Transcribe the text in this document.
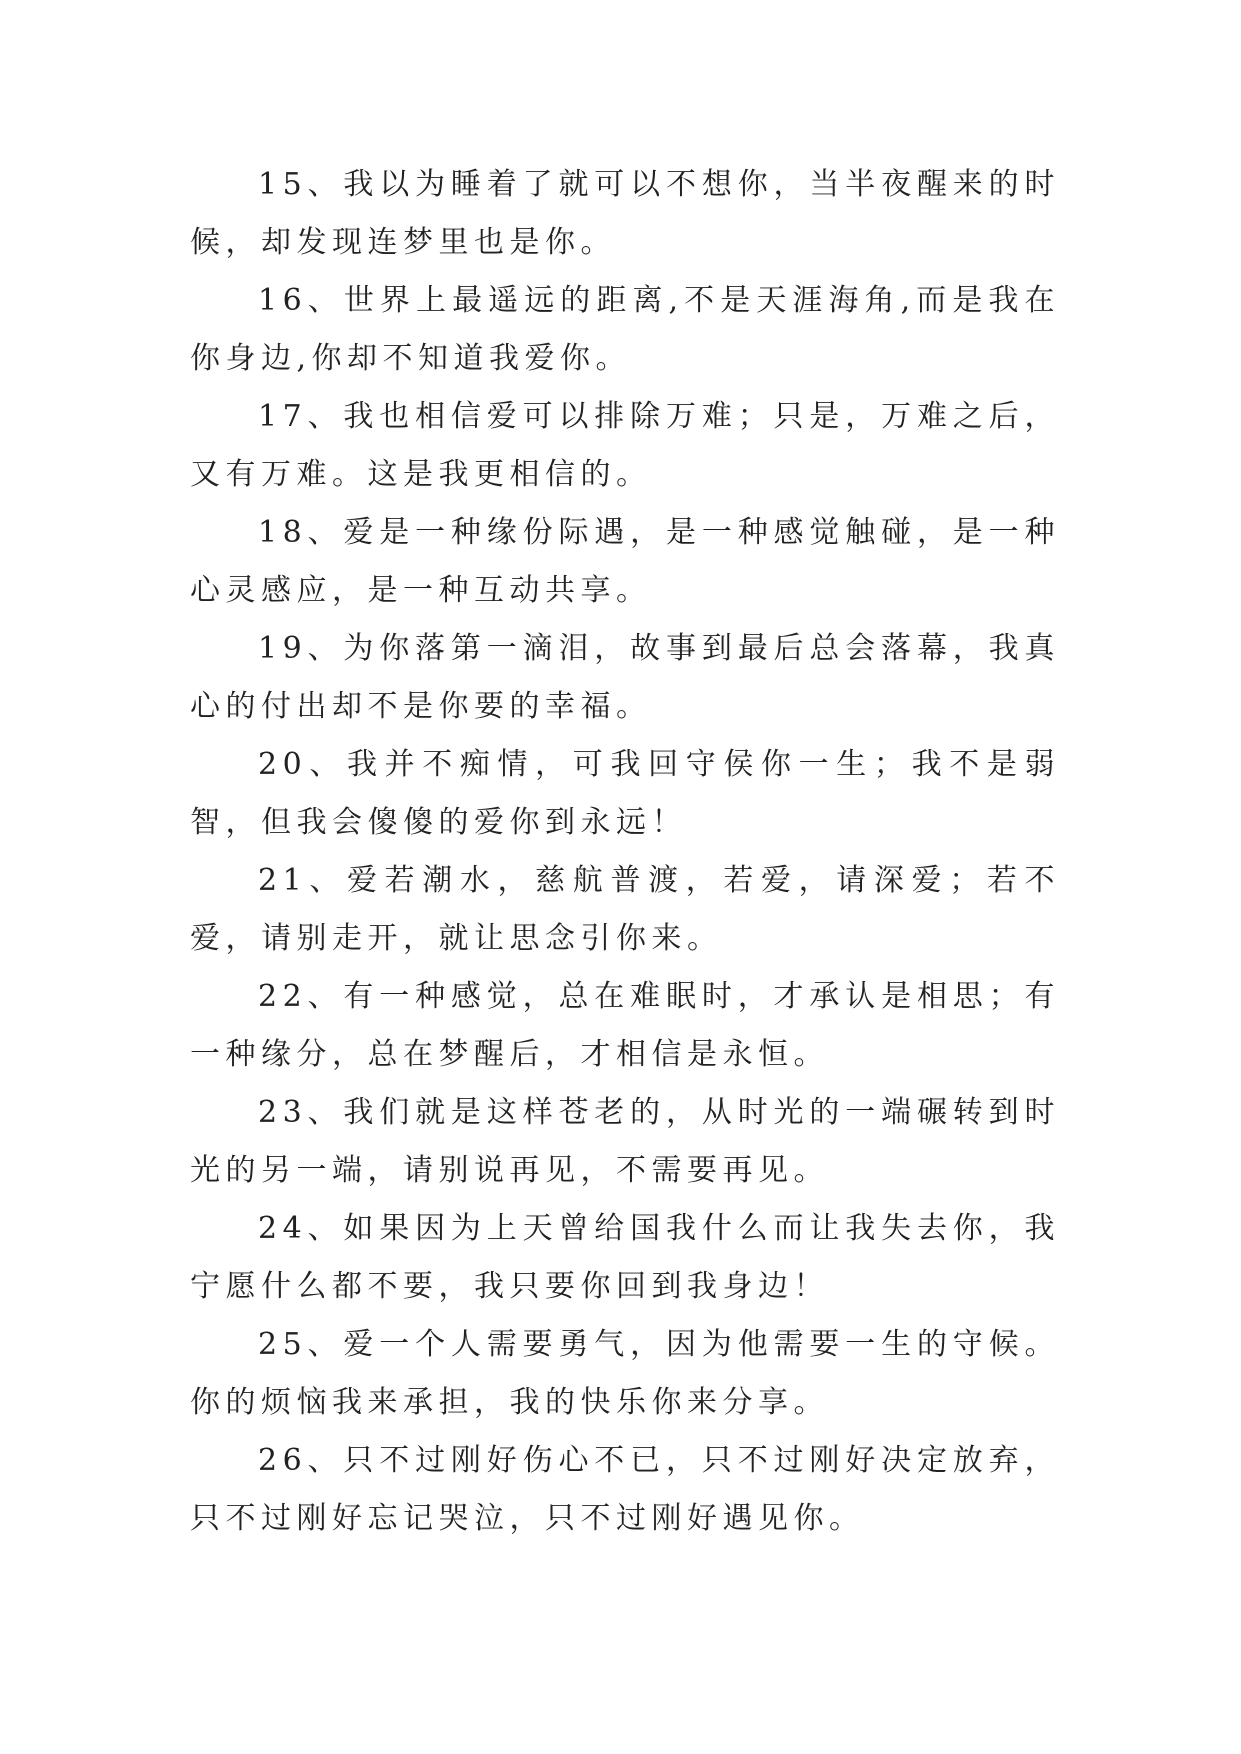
15、我以为睡着了就可以不想你，当半夜醒来的时候，却发现连梦里也是你。

16、世界上最遥远的距离,不是天涯海角,而是我在你身边,你却不知道我爱你。

17、我也相信爱可以排除万难；只是，万难之后，又有万难。这是我更相信的。

18、爱是一种缘份际遇，是一种感觉触碰，是一种心灵感应，是一种互动共享。

19、为你落第一滴泪，故事到最后总会落幕，我真心的付出却不是你要的幸福。

20、我并不痴情，可我回守侯你一生；我不是弱智，但我会傻傻的爱你到永远！

21、爱若潮水，慈航普渡，若爱，请深爱；若不爱，请别走开，就让思念引你来。

22、有一种感觉，总在难眠时，才承认是相思；有一种缘分，总在梦醒后，才相信是永恒。

23、我们就是这样苍老的，从时光的一端碾转到时光的另一端，请别说再见，不需要再见。

24、如果因为上天曾给国我什么而让我失去你，我宁愿什么都不要，我只要你回到我身边！

25、爱一个人需要勇气，因为他需要一生的守候。你的烦恼我来承担，我的快乐你来分享。

26、只不过刚好伤心不已，只不过刚好决定放弃，只不过刚好忘记哭泣，只不过刚好遇见你。
